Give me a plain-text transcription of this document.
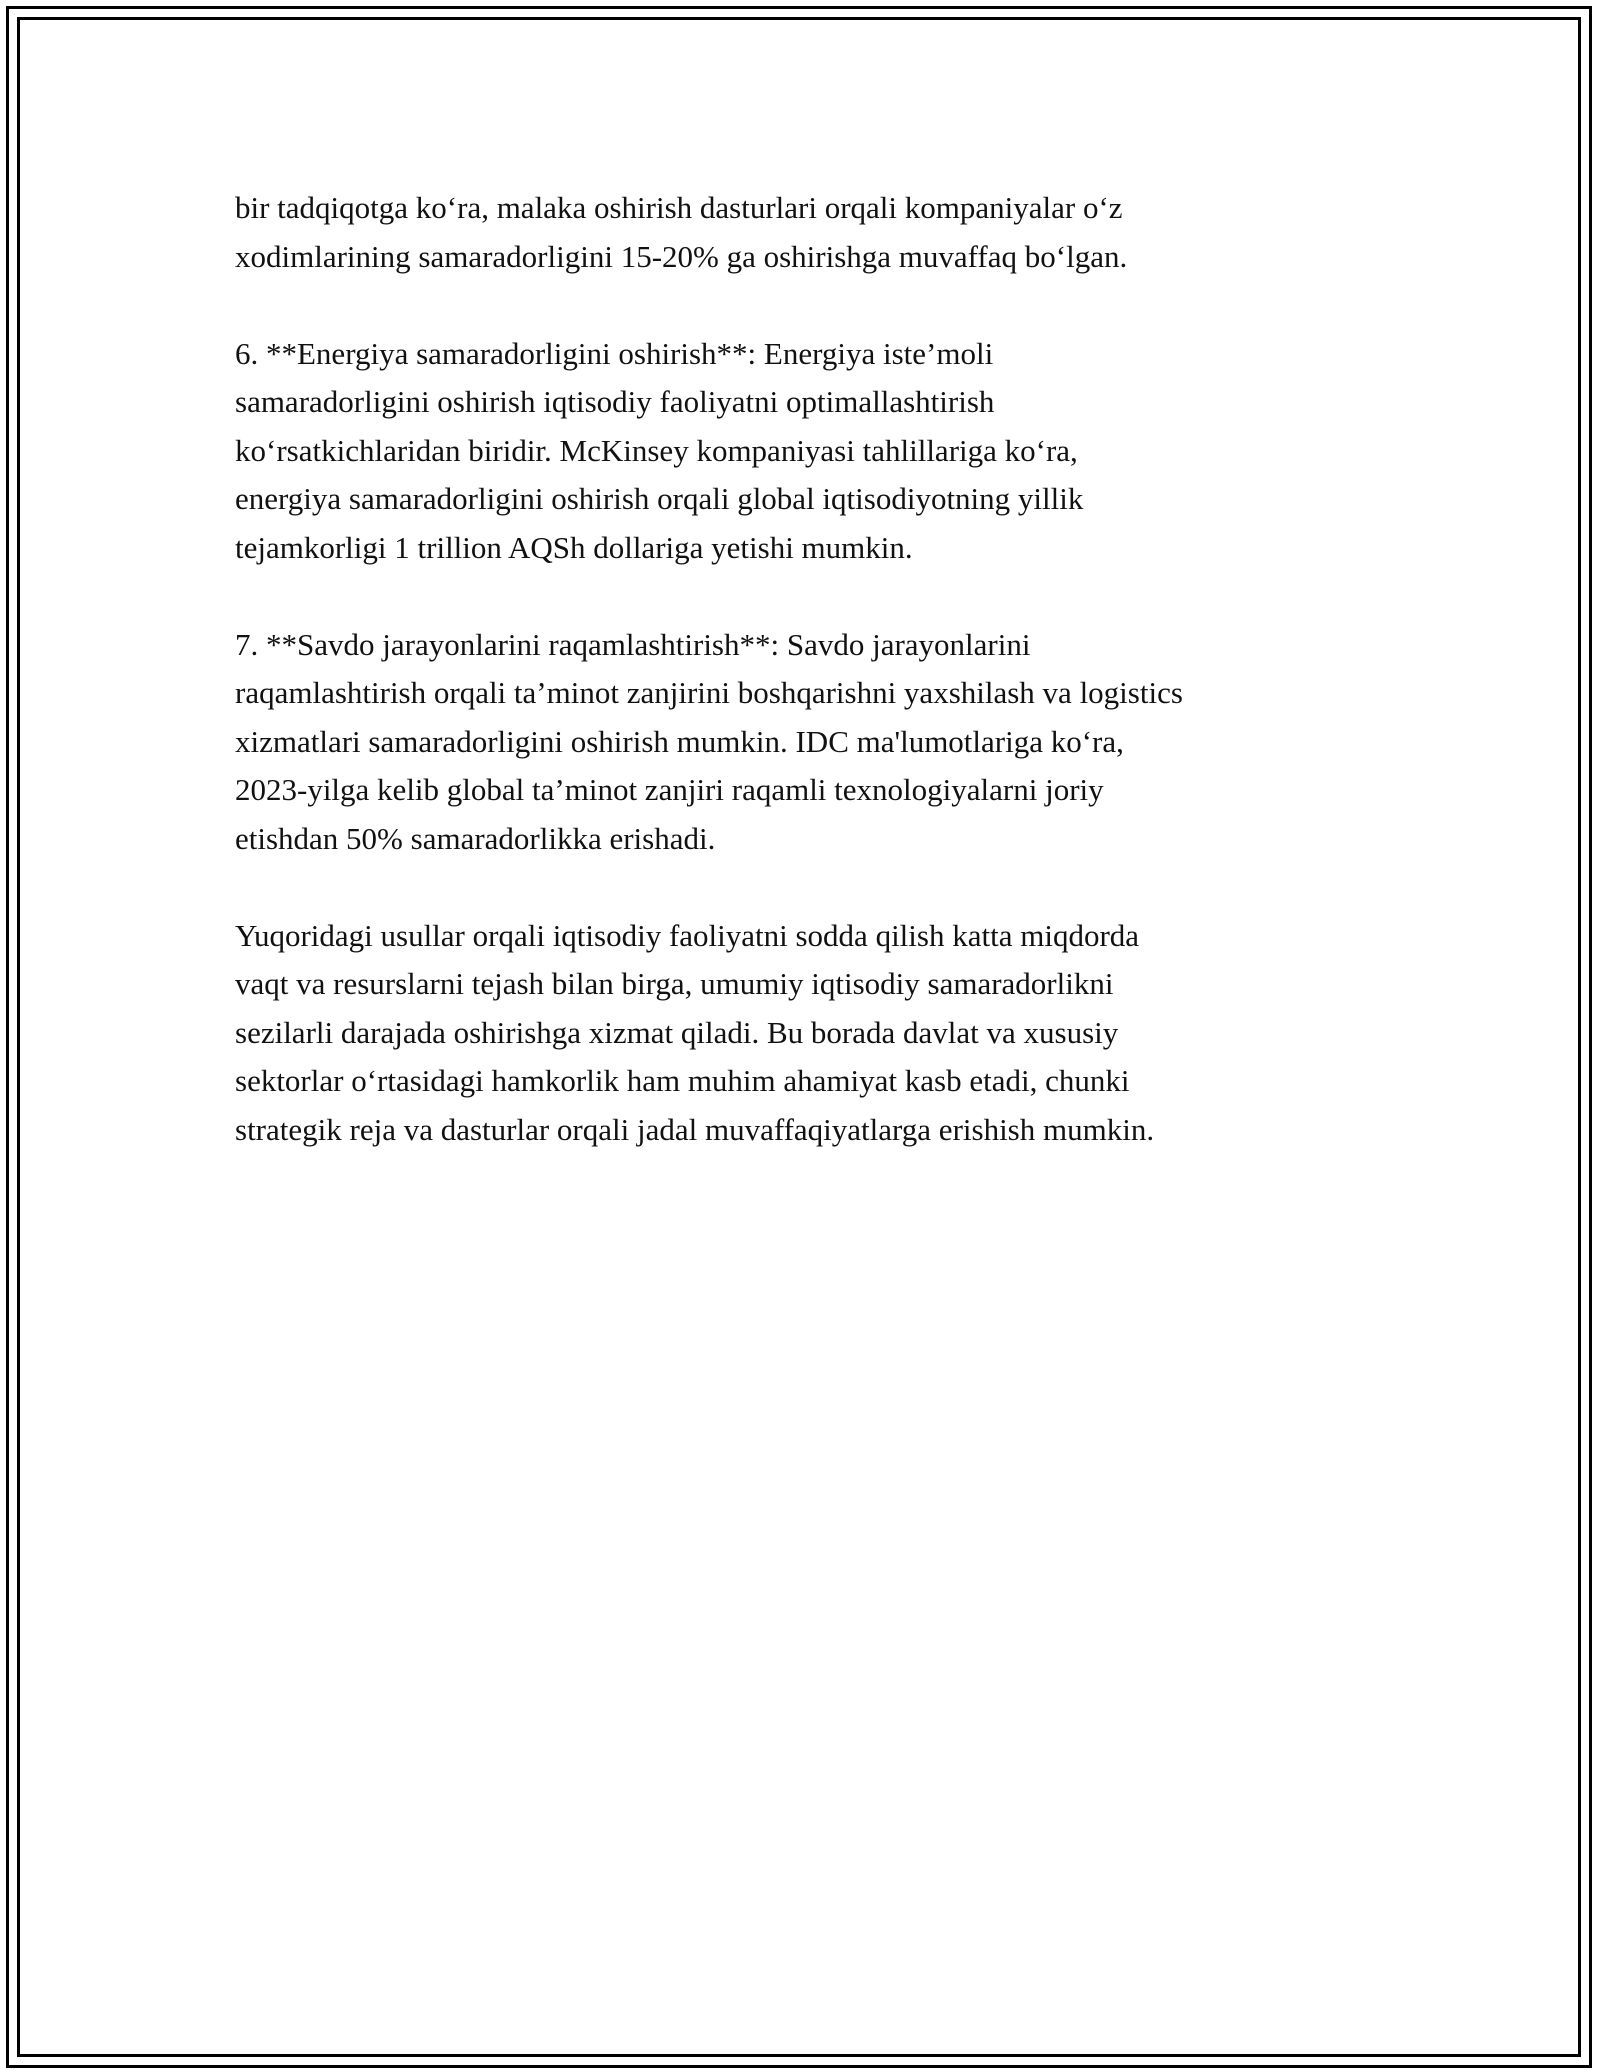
bir tadqiqotga ko‘ra, malaka oshirish dasturlari orqali kompaniyalar o‘z
xodimlarining samaradorligini 15-20% ga oshirishga muvaffaq bo‘lgan.

6. **Energiya samaradorligini oshirish**: Energiya iste’moli
samaradorligini oshirish iqtisodiy faoliyatni optimallashtirish
ko‘rsatkichlaridan biridir. McKinsey kompaniyasi tahlillariga ko‘ra,
energiya samaradorligini oshirish orqali global iqtisodiyotning yillik
tejamkorligi 1 trillion AQSh dollariga yetishi mumkin.

7. **Savdo jarayonlarini raqamlashtirish**: Savdo jarayonlarini
raqamlashtirish orqali ta’minot zanjirini boshqarishni yaxshilash va logistics
xizmatlari samaradorligini oshirish mumkin. IDC ma'lumotlariga ko‘ra,
2023-yilga kelib global ta’minot zanjiri raqamli texnologiyalarni joriy
etishdan 50% samaradorlikka erishadi.

Yuqoridagi usullar orqali iqtisodiy faoliyatni sodda qilish katta miqdorda
vaqt va resurslarni tejash bilan birga, umumiy iqtisodiy samaradorlikni
sezilarli darajada oshirishga xizmat qiladi. Bu borada davlat va xususiy
sektorlar o‘rtasidagi hamkorlik ham muhim ahamiyat kasb etadi, chunki
strategik reja va dasturlar orqali jadal muvaffaqiyatlarga erishish mumkin.
